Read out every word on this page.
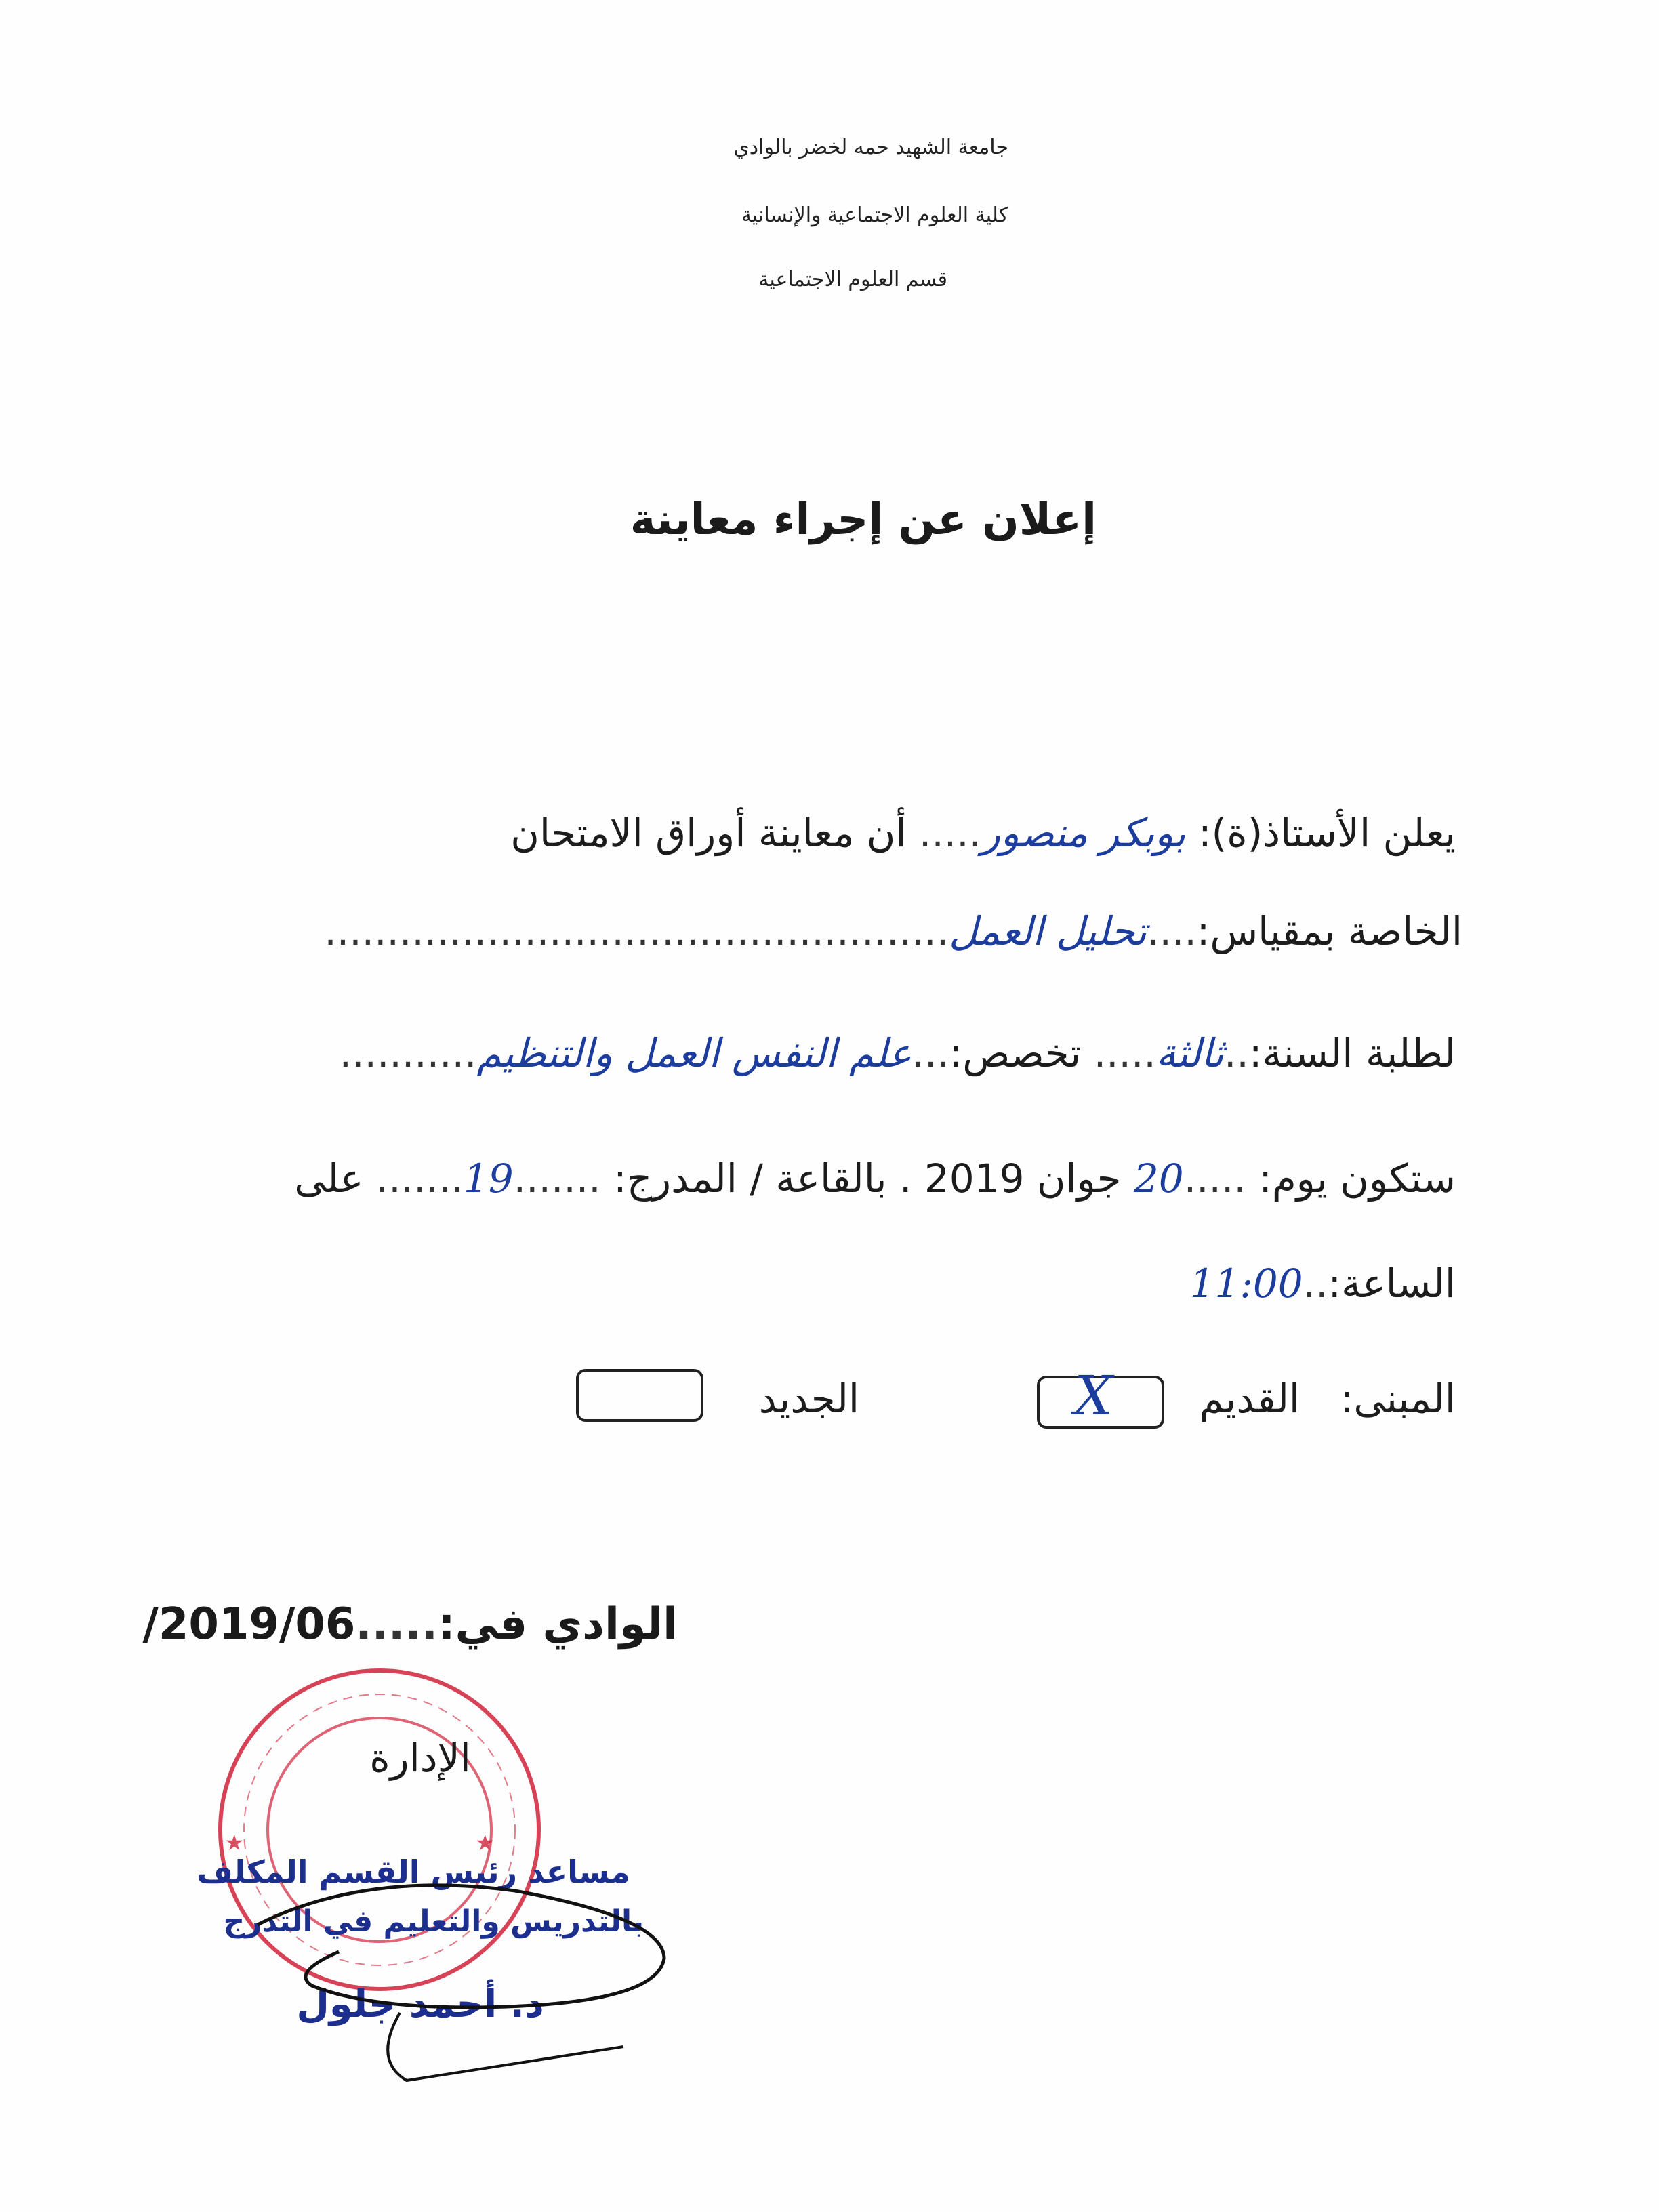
جامعة الشهيد حمه لخضر بالوادي
كلية العلوم الاجتماعية والإنسانية
قسم العلوم الاجتماعية
إعلان عن إجراء معاينة
يعلن الأستاذ(ة): بوبكر منصور..... أن معاينة أوراق الامتحان
الخاصة بمقياس:....تحليل العمل..................................................
لطلبة السنة:..ثالثة..... تخصص:...علم النفس العمل والتنظيم...........
ستكون يوم: .....20 جوان 2019 . بالقاعة / المدرج: .......19....... على
الساعة:..11:00
المبنى:
القديم
X
الجديد
الوادي في:.....2019/06/
★	★
الإدارة
مساعد رئيس القسم المكلف
بالتدريس والتعليم في التدرج
د. أحمد جلول
